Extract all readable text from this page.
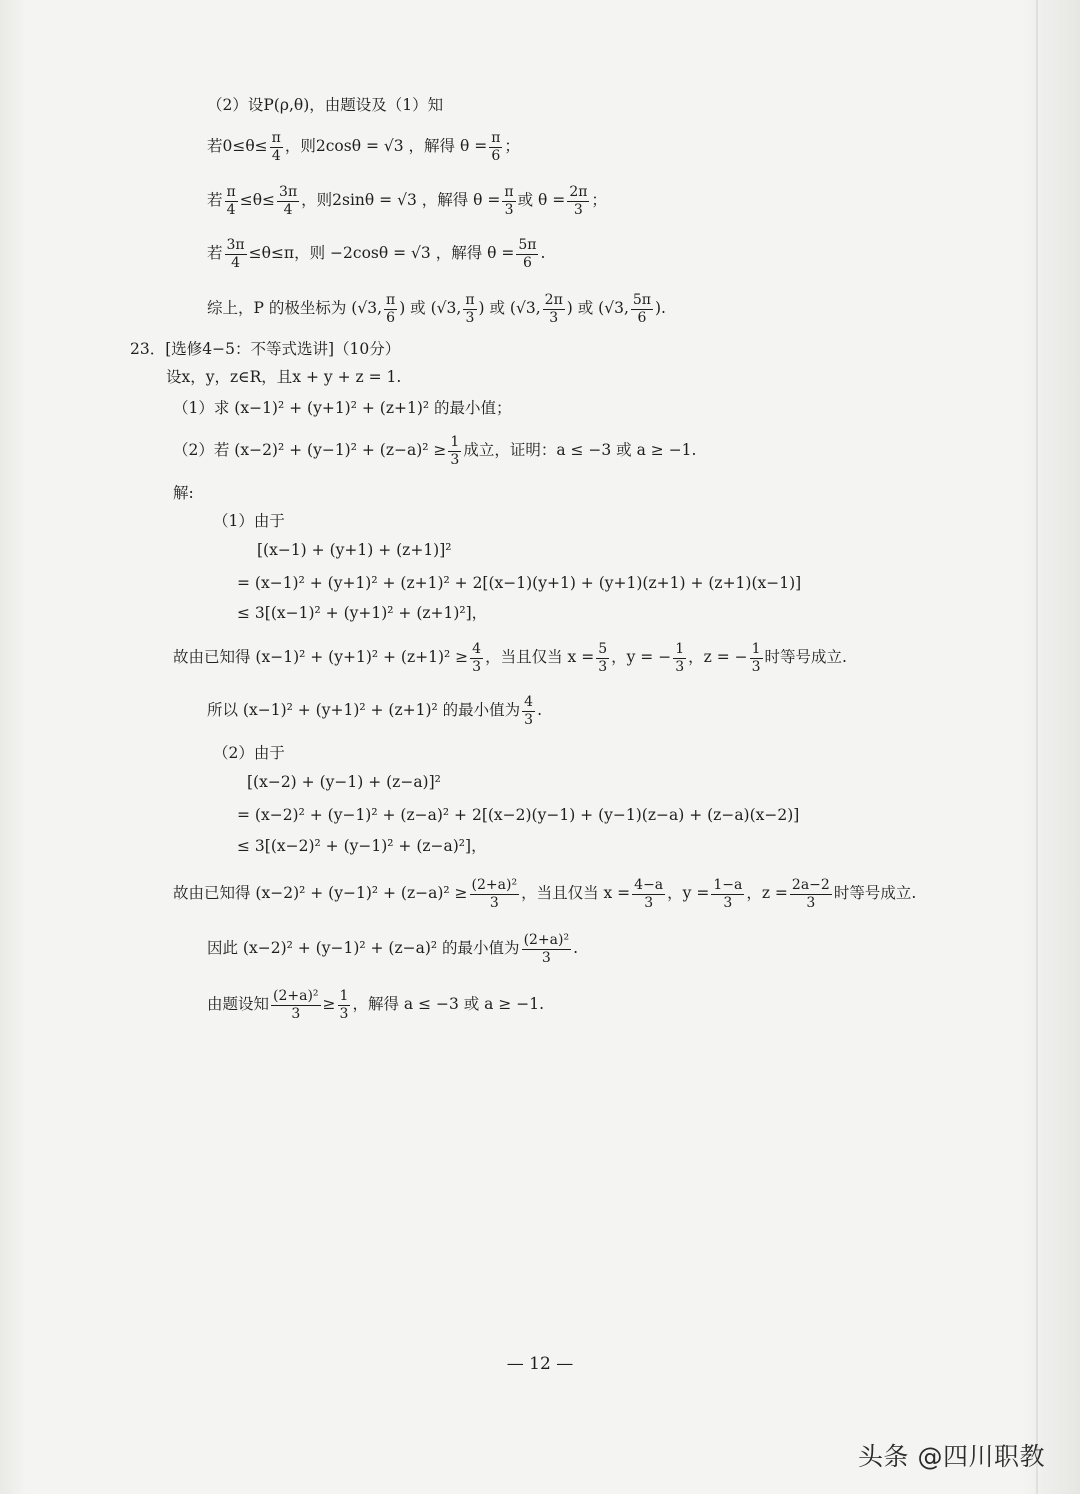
（2）设P(ρ,θ)，由题设及（1）知
若$0\le\theta\le \frac{\pi}{4}$ ，则2cosθ = √3 ，解得 $\theta = \frac{\pi}{6}$ ；
若 $\frac{\pi}{4} \le\theta\le \frac{3\pi}{4}$ ，则2sinθ = √3 ，解得 $\theta = \frac{\pi}{3}$ 或 $\theta = \frac{2\pi}{3}$ ；
若 $\frac{3\pi}{4} \le\theta\le\pi$，则 −2cosθ = √3 ，解得 $\theta = \frac{5\pi}{6}$ .
综上，P 的极坐标为 (√3, $\frac{\pi}{6}$ ) 或 (√3, $\frac{\pi}{3}$ ) 或 (√3, $\frac{2\pi}{3}$ ) 或 (√3, $\frac{5\pi}{6}$ ).
23．[选修4−5：不等式选讲]（10分）
设x，y，z∈R，且x + y + z = 1.
（1）求 (x−1)² + (y+1)² + (z+1)² 的最小值；
（2）若 $(x-2)^2 + (y-1)^2 + (z-a)^2 \ge \frac{1}{3}$ 成立，证明：a ≤ −3 或 a ≥ −1.
解:
（1）由于
[(x−1) + (y+1) + (z+1)]²
= (x−1)² + (y+1)² + (z+1)² + 2[(x−1)(y+1) + (y+1)(z+1) + (z+1)(x−1)]
≤ 3[(x−1)² + (y+1)² + (z+1)²]，
故由已知得 $(x-1)^2 + (y+1)^2 + (z+1)^2 \ge \frac{4}{3}$ ，当且仅当 $x = \frac{5}{3}$ ，y = − $\frac{1}{3}$ ，z = − $\frac{1}{3}$ 时等号成立.
所以 (x−1)² + (y+1)² + (z+1)² 的最小值为 $\frac{4}{3}$ .
（2）由于
[(x−2) + (y−1) + (z−a)]²
= (x−2)² + (y−1)² + (z−a)² + 2[(x−2)(y−1) + (y−1)(z−a) + (z−a)(x−2)]
≤ 3[(x−2)² + (y−1)² + (z−a)²]，
故由已知得 $(x-2)^2 + (y-1)^2 + (z-a)^2 \ge \frac{\text{(2+a)²}}{3}$ ，当且仅当 $x = \frac{4-a}{3}$ ，$y = \frac{1-a}{3}$ ，$z = \frac{2a-2}{3}$ 时等号成立.
因此 (x−2)² + (y−1)² + (z−a)² 的最小值为 $\frac{\text{(2+a)²}}{3}$ .
由题设知 $\frac{\text{(2+a)²}}{3} \ge \frac{1}{3}$ ，解得 a ≤ −3 或 a ≥ −1.
— 12 —
头条 @四川职教
